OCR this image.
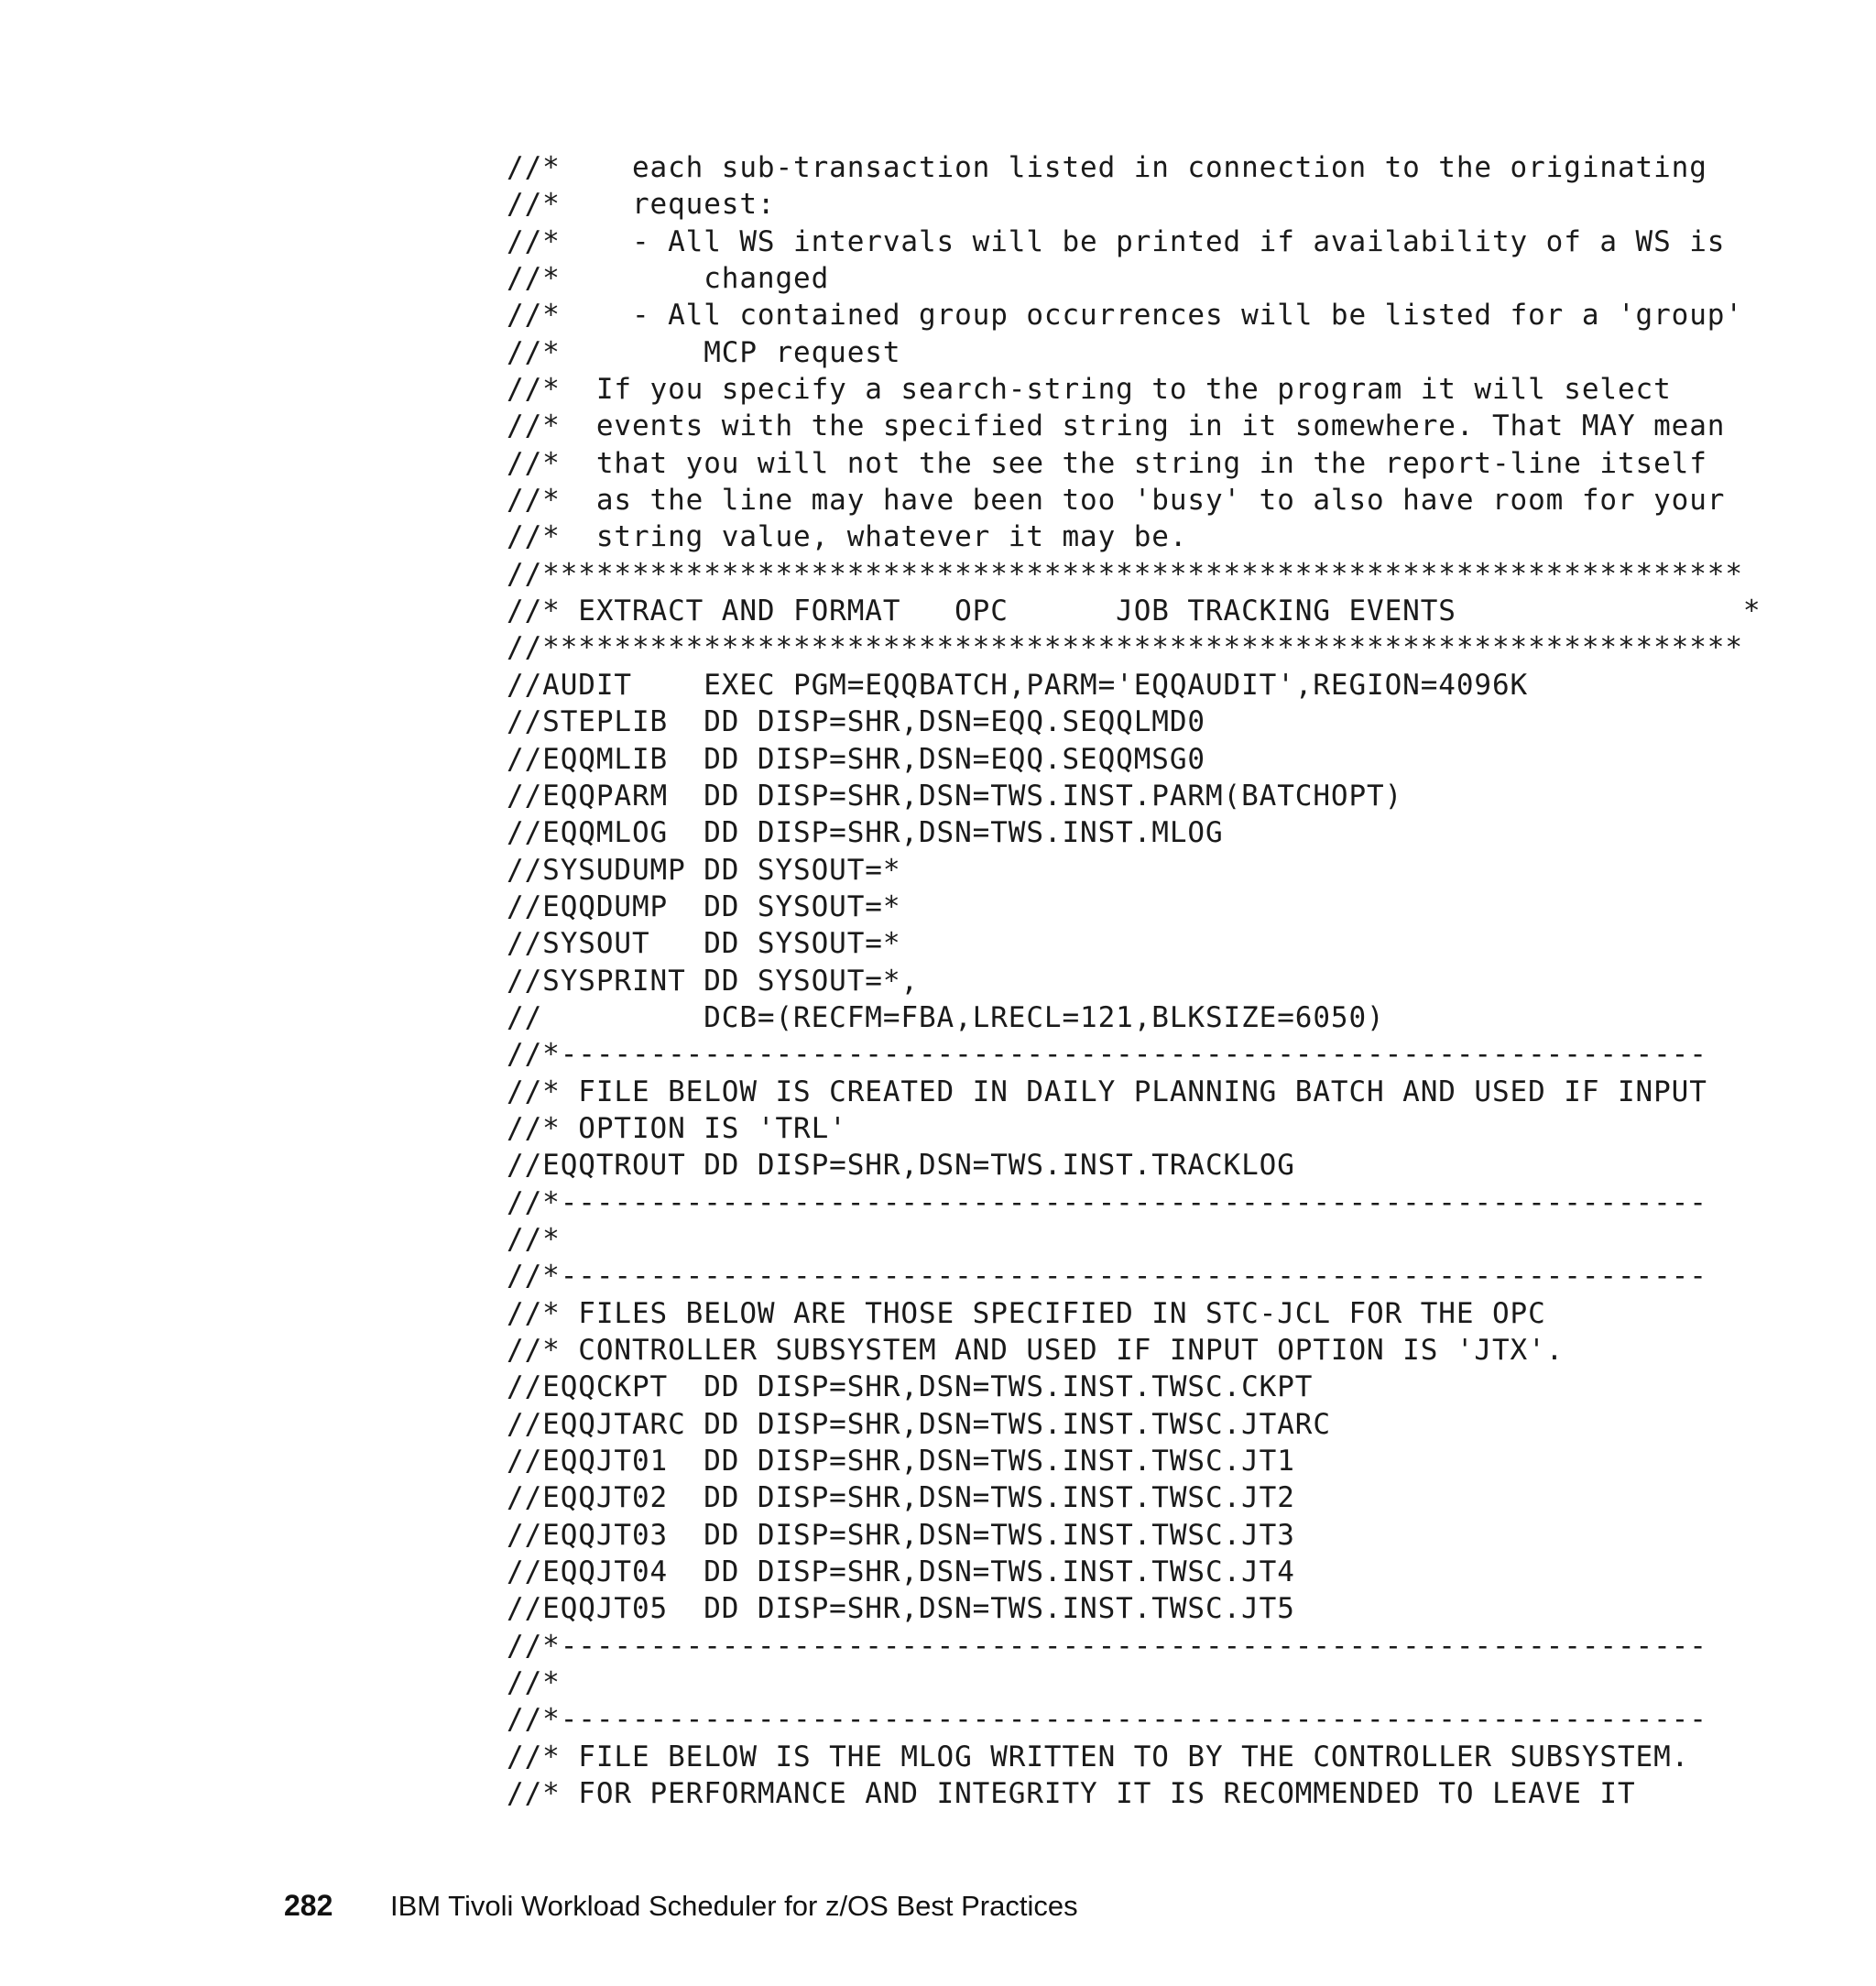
//*    each sub-transaction listed in connection to the originating
//*    request:
//*    - All WS intervals will be printed if availability of a WS is
//*        changed
//*    - All contained group occurrences will be listed for a 'group'
//*        MCP request
//*  If you specify a search-string to the program it will select
//*  events with the specified string in it somewhere. That MAY mean
//*  that you will not the see the string in the report-line itself
//*  as the line may have been too 'busy' to also have room for your
//*  string value, whatever it may be.
//*******************************************************************
//* EXTRACT AND FORMAT   OPC      JOB TRACKING EVENTS                *
//*******************************************************************
//AUDIT    EXEC PGM=EQQBATCH,PARM='EQQAUDIT',REGION=4096K
//STEPLIB  DD DISP=SHR,DSN=EQQ.SEQQLMD0
//EQQMLIB  DD DISP=SHR,DSN=EQQ.SEQQMSG0
//EQQPARM  DD DISP=SHR,DSN=TWS.INST.PARM(BATCHOPT)
//EQQMLOG  DD DISP=SHR,DSN=TWS.INST.MLOG
//SYSUDUMP DD SYSOUT=*
//EQQDUMP  DD SYSOUT=*
//SYSOUT   DD SYSOUT=*
//SYSPRINT DD SYSOUT=*,
//         DCB=(RECFM=FBA,LRECL=121,BLKSIZE=6050)
//*----------------------------------------------------------------
//* FILE BELOW IS CREATED IN DAILY PLANNING BATCH AND USED IF INPUT
//* OPTION IS 'TRL'
//EQQTROUT DD DISP=SHR,DSN=TWS.INST.TRACKLOG
//*----------------------------------------------------------------
//*
//*----------------------------------------------------------------
//* FILES BELOW ARE THOSE SPECIFIED IN STC-JCL FOR THE OPC
//* CONTROLLER SUBSYSTEM AND USED IF INPUT OPTION IS 'JTX'.
//EQQCKPT  DD DISP=SHR,DSN=TWS.INST.TWSC.CKPT
//EQQJTARC DD DISP=SHR,DSN=TWS.INST.TWSC.JTARC
//EQQJT01  DD DISP=SHR,DSN=TWS.INST.TWSC.JT1
//EQQJT02  DD DISP=SHR,DSN=TWS.INST.TWSC.JT2
//EQQJT03  DD DISP=SHR,DSN=TWS.INST.TWSC.JT3
//EQQJT04  DD DISP=SHR,DSN=TWS.INST.TWSC.JT4
//EQQJT05  DD DISP=SHR,DSN=TWS.INST.TWSC.JT5
//*----------------------------------------------------------------
//*
//*----------------------------------------------------------------
//* FILE BELOW IS THE MLOG WRITTEN TO BY THE CONTROLLER SUBSYSTEM.
//* FOR PERFORMANCE AND INTEGRITY IT IS RECOMMENDED TO LEAVE IT
282 IBM Tivoli Workload Scheduler for z/OS Best Practices
